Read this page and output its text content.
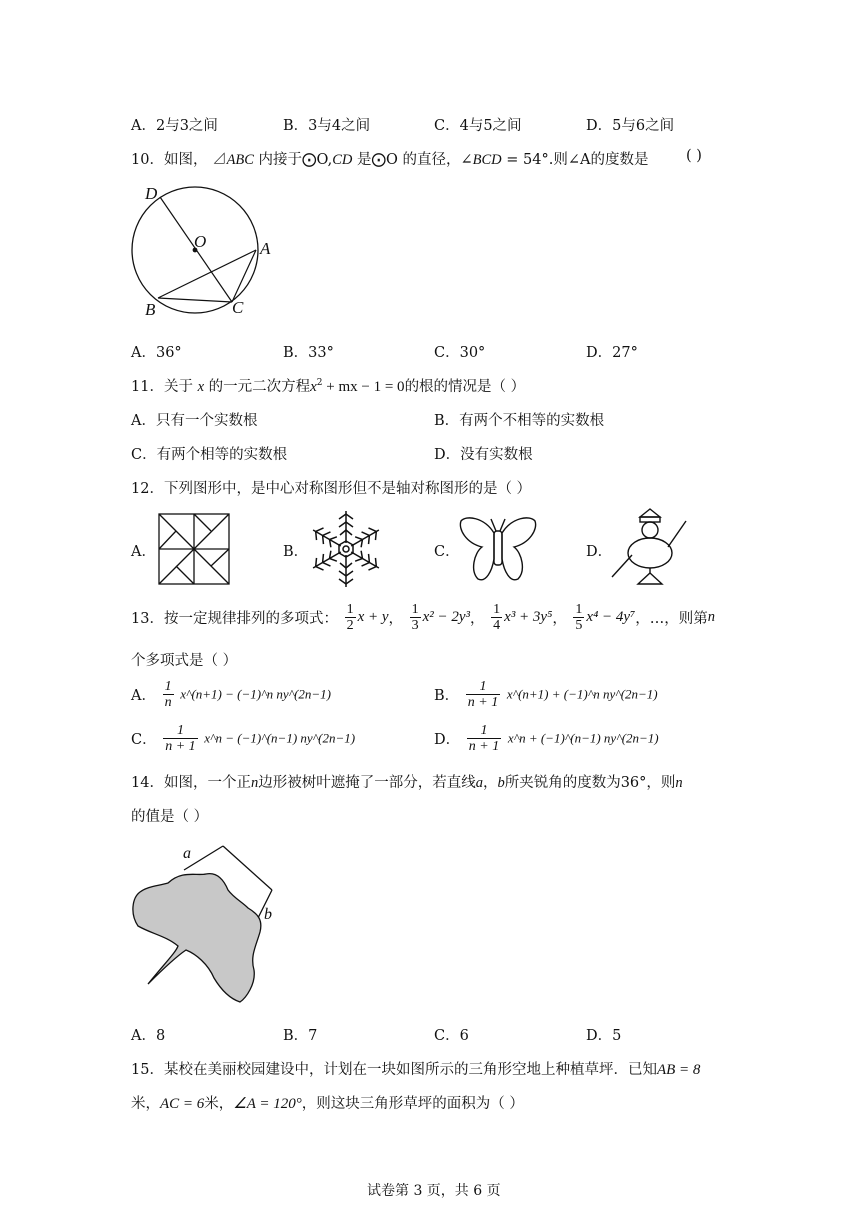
A．2与3之间	B．3与4之间	C．4与5之间	D．5与6之间
10．如图， ⊿ABC 内接于⨀O,CD 是⨀O 的直径，∠BCD = 54°.则∠A的度数是	( )
D
O	A
B	C
A．36°	B．33°	C．30°	D．27°
11．关于 x 的一元二次方程$x^2$ + mx − 1 = 0的根的情况是（ ）
A．只有一个实数根	B．有两个不相等的实数根
C．有两个相等的实数根	D．没有实数根
12．下列图形中，是中心对称图形但不是轴对称图形的是（ ）
A．	B．	C．	D．
13．按一定规律排列的多项式： $\frac{1}{2}$ x + y， $\frac{1}{3} x^2 - 2y^3$， $\frac{1}{4} x^3 + 3y^5$， $\frac{1}{5} x^4 - 4y^7$，…，则第n
个多项式是（ ）
A． $\frac{1}{n}$ x^(n+1) − (−1)^n ny^(2n−1)	B． $\frac{1}{n + 1}$ x^(n+1) + (−1)^n ny^(2n−1)
C． $\frac{1}{n + 1}$ x^n − (−1)^(n−1) ny^(2n−1)	D． $\frac{1}{n + 1}$ x^n + (−1)^(n−1) ny^(2n−1)
14．如图，一个正n边形被树叶遮掩了一部分，若直线a，b所夹锐角的度数为36°，则n
的值是（ ）
a
b
A．8	B．7	C．6	D．5
15．某校在美丽校园建设中，计划在一块如图所示的三角形空地上种植草坪．已知AB = 8
米，AC = 6米，∠A = 120°，则这块三角形草坪的面积为（ ）
试卷第 3 页，共 6 页
